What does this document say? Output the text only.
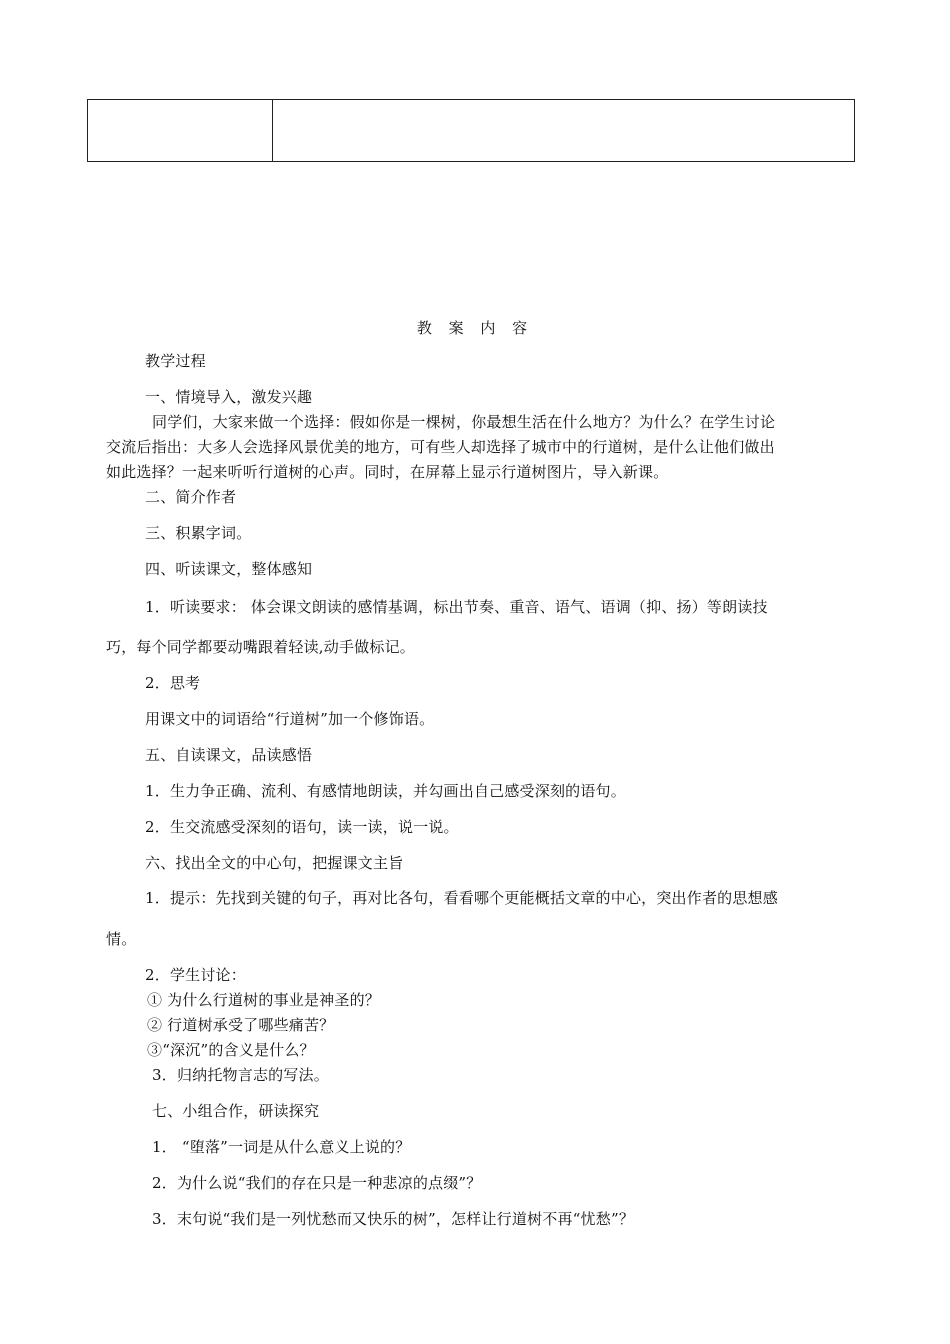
教 案 内 容
教学过程
一、情境导入，激发兴趣
同学们，大家来做一个选择：假如你是一棵树，你最想生活在什么地方？为什么？在学生讨论
交流后指出：大多人会选择风景优美的地方，可有些人却选择了城市中的行道树，是什么让他们做出
如此选择？一起来听听行道树的心声。同时，在屏幕上显示行道树图片，导入新课。
二、简介作者
三、积累字词。
四、听读课文，整体感知
1．听读要求： 体会课文朗读的感情基调，标出节奏、重音、语气、语调（抑、扬）等朗读技
巧，每个同学都要动嘴跟着轻读,动手做标记。
2．思考
用课文中的词语给“行道树”加一个修饰语。
五、自读课文，品读感悟
1．生力争正确、流利、有感情地朗读，并勾画出自己感受深刻的语句。
2．生交流感受深刻的语句，读一读，说一说。
六、找出全文的中心句，把握课文主旨
1．提示：先找到关键的句子，再对比各句，看看哪个更能概括文章的中心，突出作者的思想感
情。
2．学生讨论：
① 为什么行道树的事业是神圣的？
② 行道树承受了哪些痛苦？
③“深沉”的含义是什么？
3．归纳托物言志的写法。
七、小组合作，研读探究
1． “堕落”一词是从什么意义上说的？
2．为什么说“我们的存在只是一种悲凉的点缀”？
3．末句说“我们是一列忧愁而又快乐的树”，怎样让行道树不再“忧愁”？
